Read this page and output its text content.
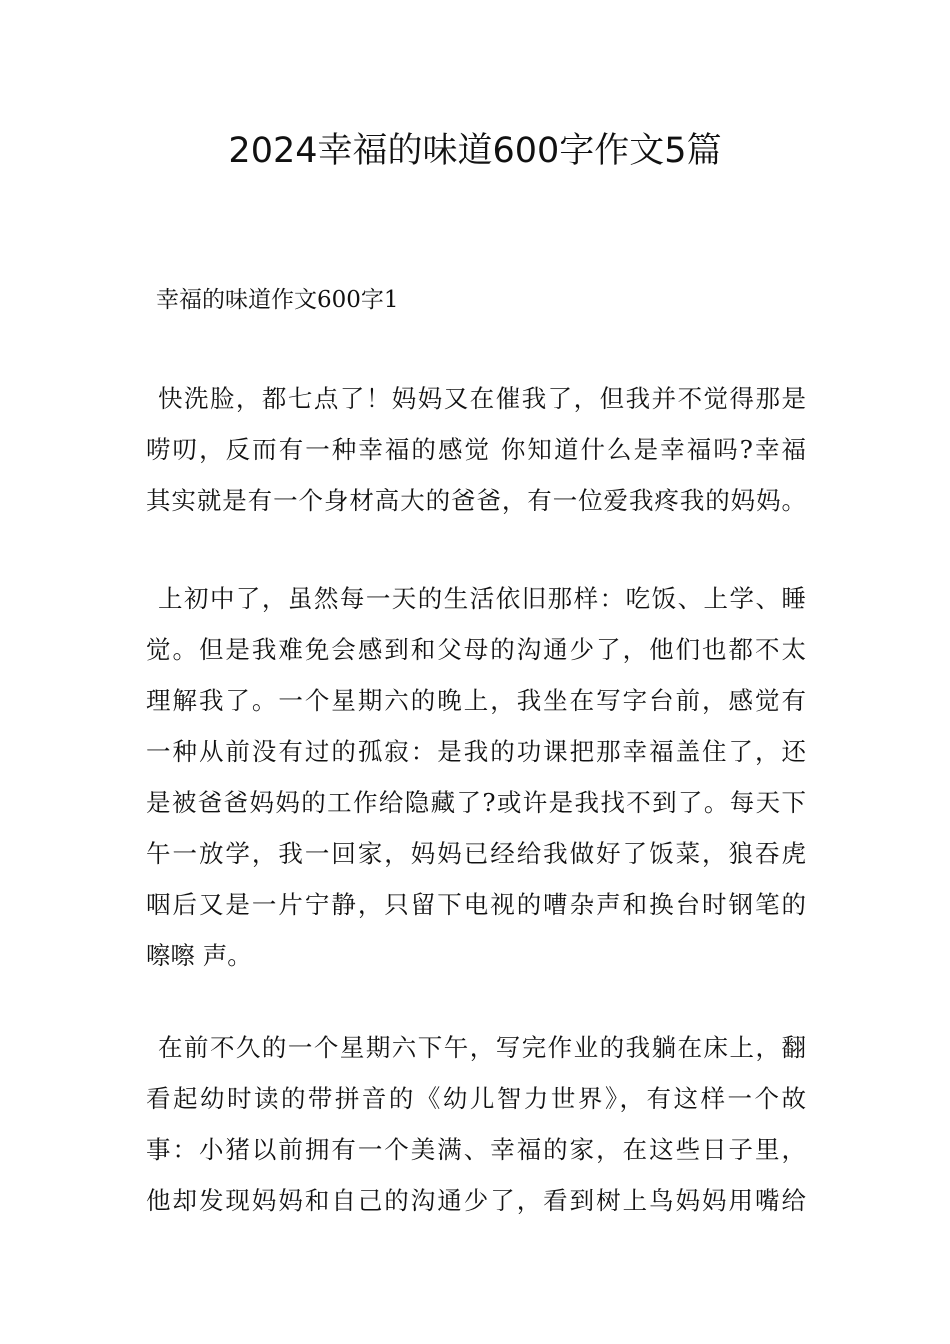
2024幸福的味道600字作文5篇

幸福的味道作文600字1

快洗脸，都七点了！妈妈又在催我了，但我并不觉得那是
唠叨，反而有一种幸福的感觉 你知道什么是幸福吗?幸福
其实就是有一个身材高大的爸爸，有一位爱我疼我的妈妈。
上初中了，虽然每一天的生活依旧那样：吃饭、上学、睡
觉。但是我难免会感到和父母的沟通少了，他们也都不太
理解我了。一个星期六的晚上，我坐在写字台前，感觉有
一种从前没有过的孤寂：是我的功课把那幸福盖住了，还
是被爸爸妈妈的工作给隐藏了?或许是我找不到了。每天下
午一放学，我一回家，妈妈已经给我做好了饭菜，狼吞虎
咽后又是一片宁静，只留下电视的嘈杂声和换台时钢笔的
嚓嚓 声。
在前不久的一个星期六下午，写完作业的我躺在床上，翻
看起幼时读的带拼音的《幼儿智力世界》，有这样一个故
事：小猪以前拥有一个美满、幸福的家，在这些日子里，
他却发现妈妈和自己的沟通少了，看到树上鸟妈妈用嘴给
